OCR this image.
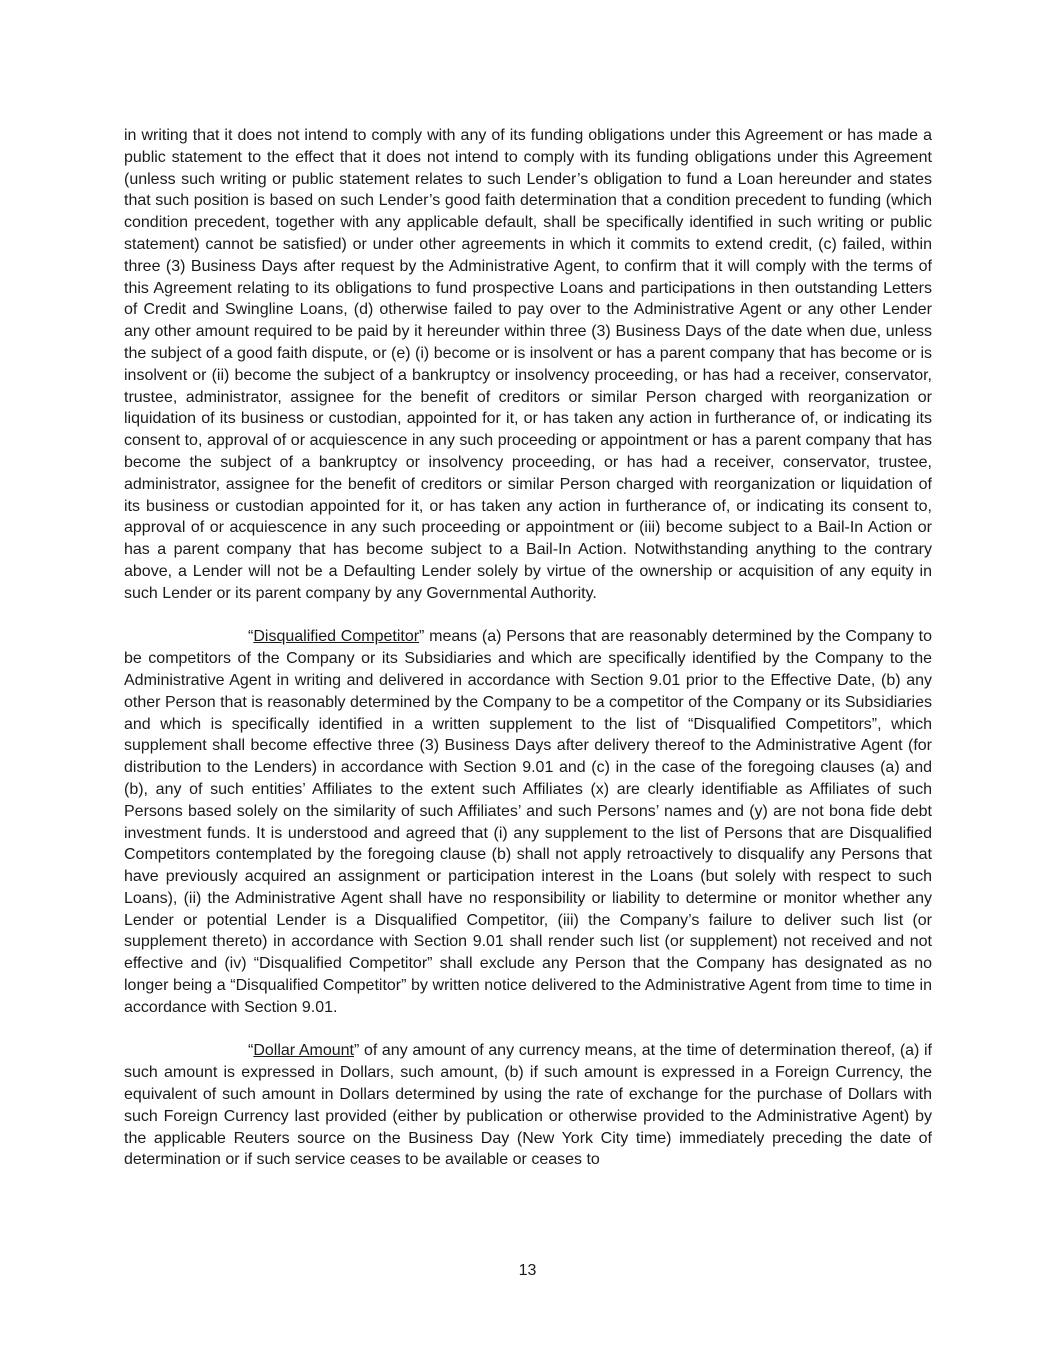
in writing that it does not intend to comply with any of its funding obligations under this Agreement or has made a public statement to the effect that it does not intend to comply with its funding obligations under this Agreement (unless such writing or public statement relates to such Lender’s obligation to fund a Loan hereunder and states that such position is based on such Lender’s good faith determination that a condition precedent to funding (which condition precedent, together with any applicable default, shall be specifically identified in such writing or public statement) cannot be satisfied) or under other agreements in which it commits to extend credit, (c) failed, within three (3) Business Days after request by the Administrative Agent, to confirm that it will comply with the terms of this Agreement relating to its obligations to fund prospective Loans and participations in then outstanding Letters of Credit and Swingline Loans, (d) otherwise failed to pay over to the Administrative Agent or any other Lender any other amount required to be paid by it hereunder within three (3) Business Days of the date when due, unless the subject of a good faith dispute, or (e) (i) become or is insolvent or has a parent company that has become or is insolvent or (ii) become the subject of a bankruptcy or insolvency proceeding, or has had a receiver, conservator, trustee, administrator, assignee for the benefit of creditors or similar Person charged with reorganization or liquidation of its business or custodian, appointed for it, or has taken any action in furtherance of, or indicating its consent to, approval of or acquiescence in any such proceeding or appointment or has a parent company that has become the subject of a bankruptcy or insolvency proceeding, or has had a receiver, conservator, trustee, administrator, assignee for the benefit of creditors or similar Person charged with reorganization or liquidation of its business or custodian appointed for it, or has taken any action in furtherance of, or indicating its consent to, approval of or acquiescence in any such proceeding or appointment or (iii) become subject to a Bail-In Action or has a parent company that has become subject to a Bail-In Action. Notwithstanding anything to the contrary above, a Lender will not be a Defaulting Lender solely by virtue of the ownership or acquisition of any equity in such Lender or its parent company by any Governmental Authority.

“Disqualified Competitor” means (a) Persons that are reasonably determined by the Company to be competitors of the Company or its Subsidiaries and which are specifically identified by the Company to the Administrative Agent in writing and delivered in accordance with Section 9.01 prior to the Effective Date, (b) any other Person that is reasonably determined by the Company to be a competitor of the Company or its Subsidiaries and which is specifically identified in a written supplement to the list of “Disqualified Competitors”, which supplement shall become effective three (3) Business Days after delivery thereof to the Administrative Agent (for distribution to the Lenders) in accordance with Section 9.01 and (c) in the case of the foregoing clauses (a) and (b), any of such entities’ Affiliates to the extent such Affiliates (x) are clearly identifiable as Affiliates of such Persons based solely on the similarity of such Affiliates’ and such Persons’ names and (y) are not bona fide debt investment funds. It is understood and agreed that (i) any supplement to the list of Persons that are Disqualified Competitors contemplated by the foregoing clause (b) shall not apply retroactively to disqualify any Persons that have previously acquired an assignment or participation interest in the Loans (but solely with respect to such Loans), (ii) the Administrative Agent shall have no responsibility or liability to determine or monitor whether any Lender or potential Lender is a Disqualified Competitor, (iii) the Company’s failure to deliver such list (or supplement thereto) in accordance with Section 9.01 shall render such list (or supplement) not received and not effective and (iv) “Disqualified Competitor” shall exclude any Person that the Company has designated as no longer being a “Disqualified Competitor” by written notice delivered to the Administrative Agent from time to time in accordance with Section 9.01.

“Dollar Amount” of any amount of any currency means, at the time of determination thereof, (a) if such amount is expressed in Dollars, such amount, (b) if such amount is expressed in a Foreign Currency, the equivalent of such amount in Dollars determined by using the rate of exchange for the purchase of Dollars with such Foreign Currency last provided (either by publication or otherwise provided to the Administrative Agent) by the applicable Reuters source on the Business Day (New York City time) immediately preceding the date of determination or if such service ceases to be available or ceases to

13
